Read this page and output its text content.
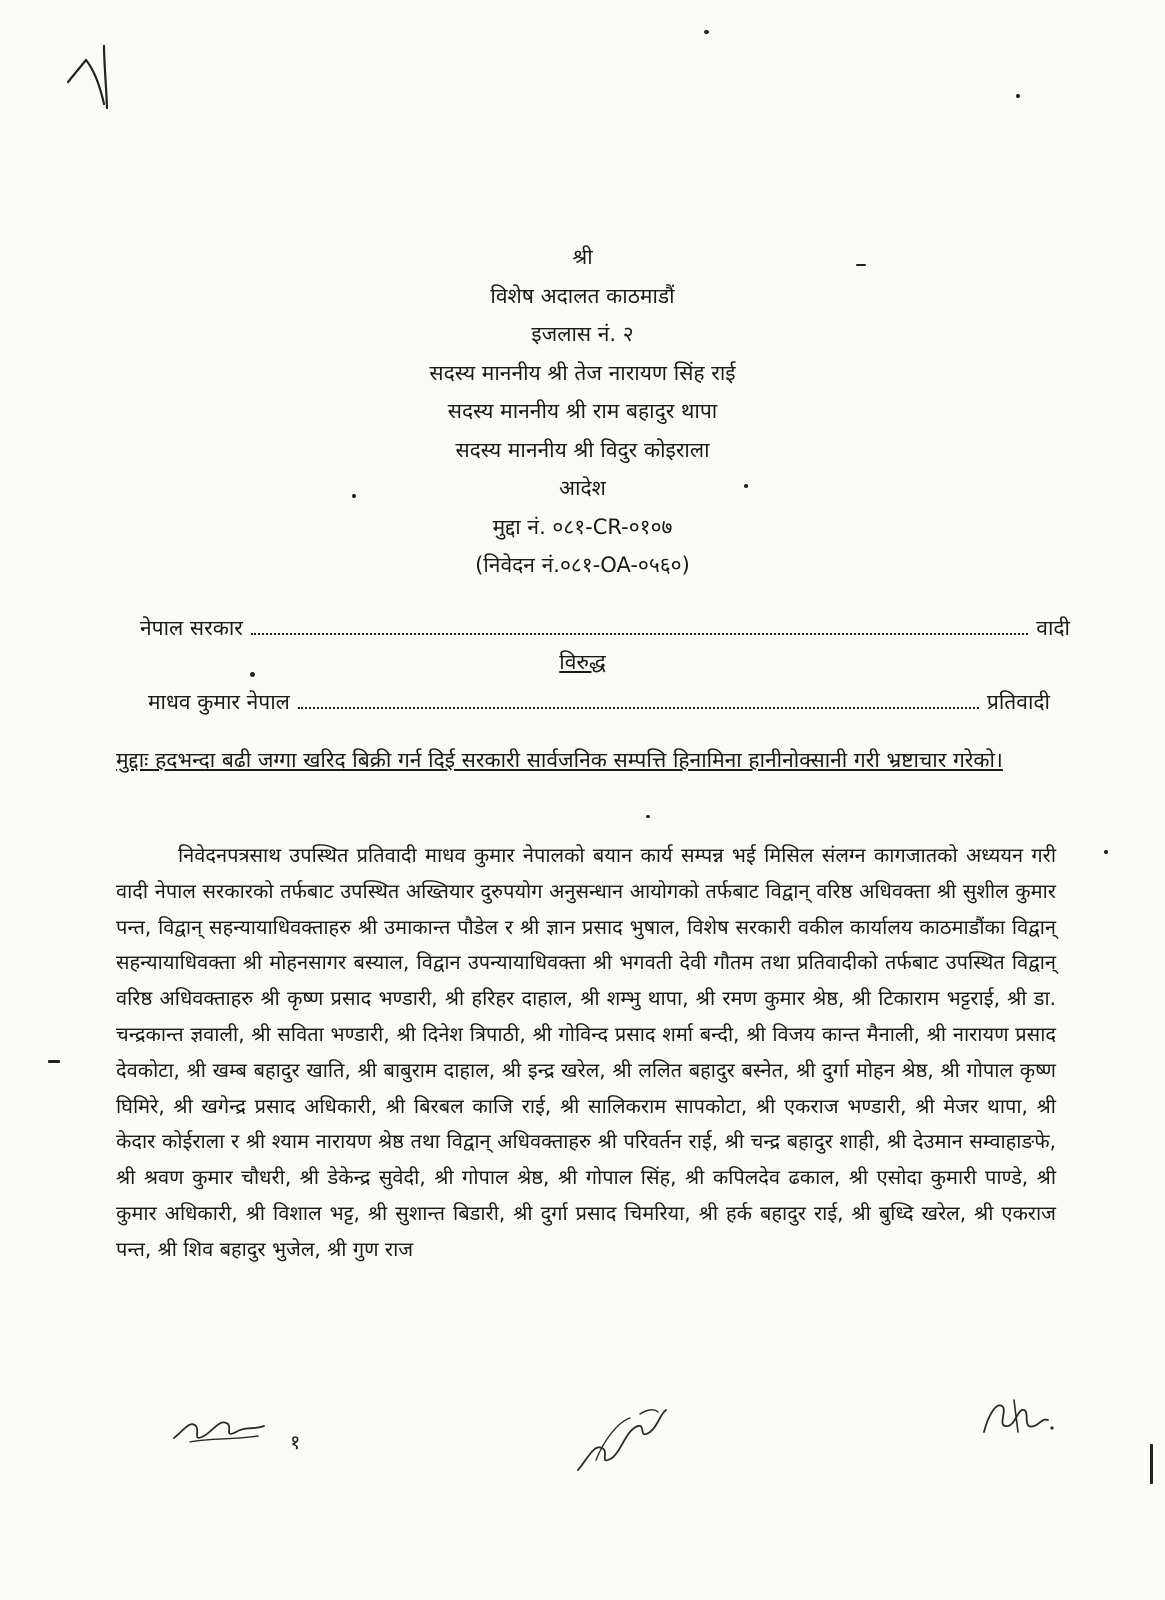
श्री
विशेष अदालत काठमाडौं
इजलास नं. २
सदस्य माननीय श्री तेज नारायण सिंह राई
सदस्य माननीय श्री राम बहादुर थापा
सदस्य माननीय श्री विदुर कोइराला
आदेश
मुद्दा नं. ०८१-CR-०१०७
(निवेदन नं.०८१-OA-०५६०)
नेपाल सरकार	वादी
विरुद्ध
माधव कुमार नेपाल	प्रतिवादी
मुद्दाः हदभन्दा बढी जग्गा खरिद बिक्री गर्न दिई सरकारी सार्वजनिक सम्पत्ति हिनामिना हानीनोक्सानी गरी भ्रष्टाचार गरेको।

निवेदनपत्रसाथ उपस्थित प्रतिवादी माधव कुमार नेपालको बयान कार्य सम्पन्न भई मिसिल संलग्न कागजातको अध्ययन गरी वादी नेपाल सरकारको तर्फबाट उपस्थित अख्तियार दुरुपयोग अनुसन्धान आयोगको तर्फबाट विद्वान् वरिष्ठ अधिवक्ता श्री सुशील कुमार पन्त, विद्वान् सहन्यायाधिवक्ताहरु श्री उमाकान्त पौडेल र श्री ज्ञान प्रसाद भुषाल, विशेष सरकारी वकील कार्यालय काठमाडौंका विद्वान् सहन्यायाधिवक्ता श्री मोहनसागर बस्याल, विद्वान उपन्यायाधिवक्ता श्री भगवती देवी गौतम तथा प्रतिवादीको तर्फबाट उपस्थित विद्वान् वरिष्ठ अधिवक्ताहरु श्री कृष्ण प्रसाद भण्डारी, श्री हरिहर दाहाल, श्री शम्भु थापा, श्री रमण कुमार श्रेष्ठ, श्री टिकाराम भट्टराई, श्री डा. चन्द्रकान्त ज्ञवाली, श्री सविता भण्डारी, श्री दिनेश त्रिपाठी, श्री गोविन्द प्रसाद शर्मा बन्दी, श्री विजय कान्त मैनाली, श्री नारायण प्रसाद देवकोटा, श्री खम्ब बहादुर खाति, श्री बाबुराम दाहाल, श्री इन्द्र खरेल, श्री ललित बहादुर बस्नेत, श्री दुर्गा मोहन श्रेष्ठ, श्री गोपाल कृष्ण घिमिरे, श्री खगेन्द्र प्रसाद अधिकारी, श्री बिरबल काजि राई, श्री सालिकराम सापकोटा, श्री एकराज भण्डारी, श्री मेजर थापा, श्री केदार कोईराला र श्री श्याम नारायण श्रेष्ठ तथा विद्वान् अधिवक्ताहरु श्री परिवर्तन राई, श्री चन्द्र बहादुर शाही, श्री देउमान सम्वाहाङफे, श्री श्रवण कुमार चौधरी, श्री डेकेन्द्र सुवेदी, श्री गोपाल श्रेष्ठ, श्री गोपाल सिंह, श्री कपिलदेव ढकाल, श्री एसोदा कुमारी पाण्डे, श्री कुमार अधिकारी, श्री विशाल भट्ट, श्री सुशान्त बिडारी, श्री दुर्गा प्रसाद चिमरिया, श्री हर्क बहादुर राई, श्री बुध्दि खरेल, श्री एकराज पन्त, श्री शिव बहादुर भुजेल, श्री गुण राज

१
